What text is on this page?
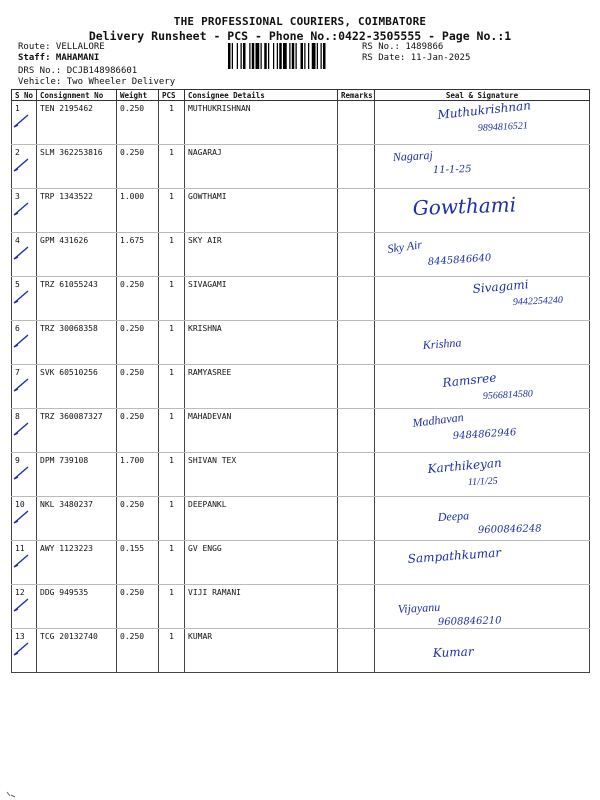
THE PROFESSIONAL COURIERS, COIMBATORE
Delivery Runsheet - PCS - Phone No.:0422-3505555 - Page No.:1
Route: VELLALORE
Staff: MAHAMANI
DRS No.: DCJB148986601
Vehicle: Two Wheeler Delivery
RS No.: 1489866
RS Date: 11-Jan-2025
S No	Consignment No	Weight	PCS	Consignee Details	Remarks	Seal & Signature
1	TEN 2195462	0.250	1	MUTHUKRISHNAN		Muthukrishnan
9894816521

2	SLM 362253816	0.250	1	NAGARAJ		Nagaraj
11-1-25

3	TRP 1343522	1.000	1	GOWTHAMI		Gowthami

4	GPM 431626	1.675	1	SKY AIR		Sky Air
8445846640

5	TRZ 61055243	0.250	1	SIVAGAMI		Sivagami
9442254240

6	TRZ 30068358	0.250	1	KRISHNA		Krishna

7	SVK 60510256	0.250	1	RAMYASREE		Ramsree
9566814580

8	TRZ 360087327	0.250	1	MAHADEVAN		Madhavan
9484862946

9	DPM 739108	1.700	1	SHIVAN TEX		Karthikeyan
11/1/25

10	NKL 3480237	0.250	1	DEEPANKL		Deepa
9600846248

11	AWY 1123223	0.155	1	GV ENGG		Sampathkumar

12	DDG 949535	0.250	1	VIJI RAMANI		Vijayanu
9608846210

13	TCG 20132740	0.250	1	KUMAR		Kumar
